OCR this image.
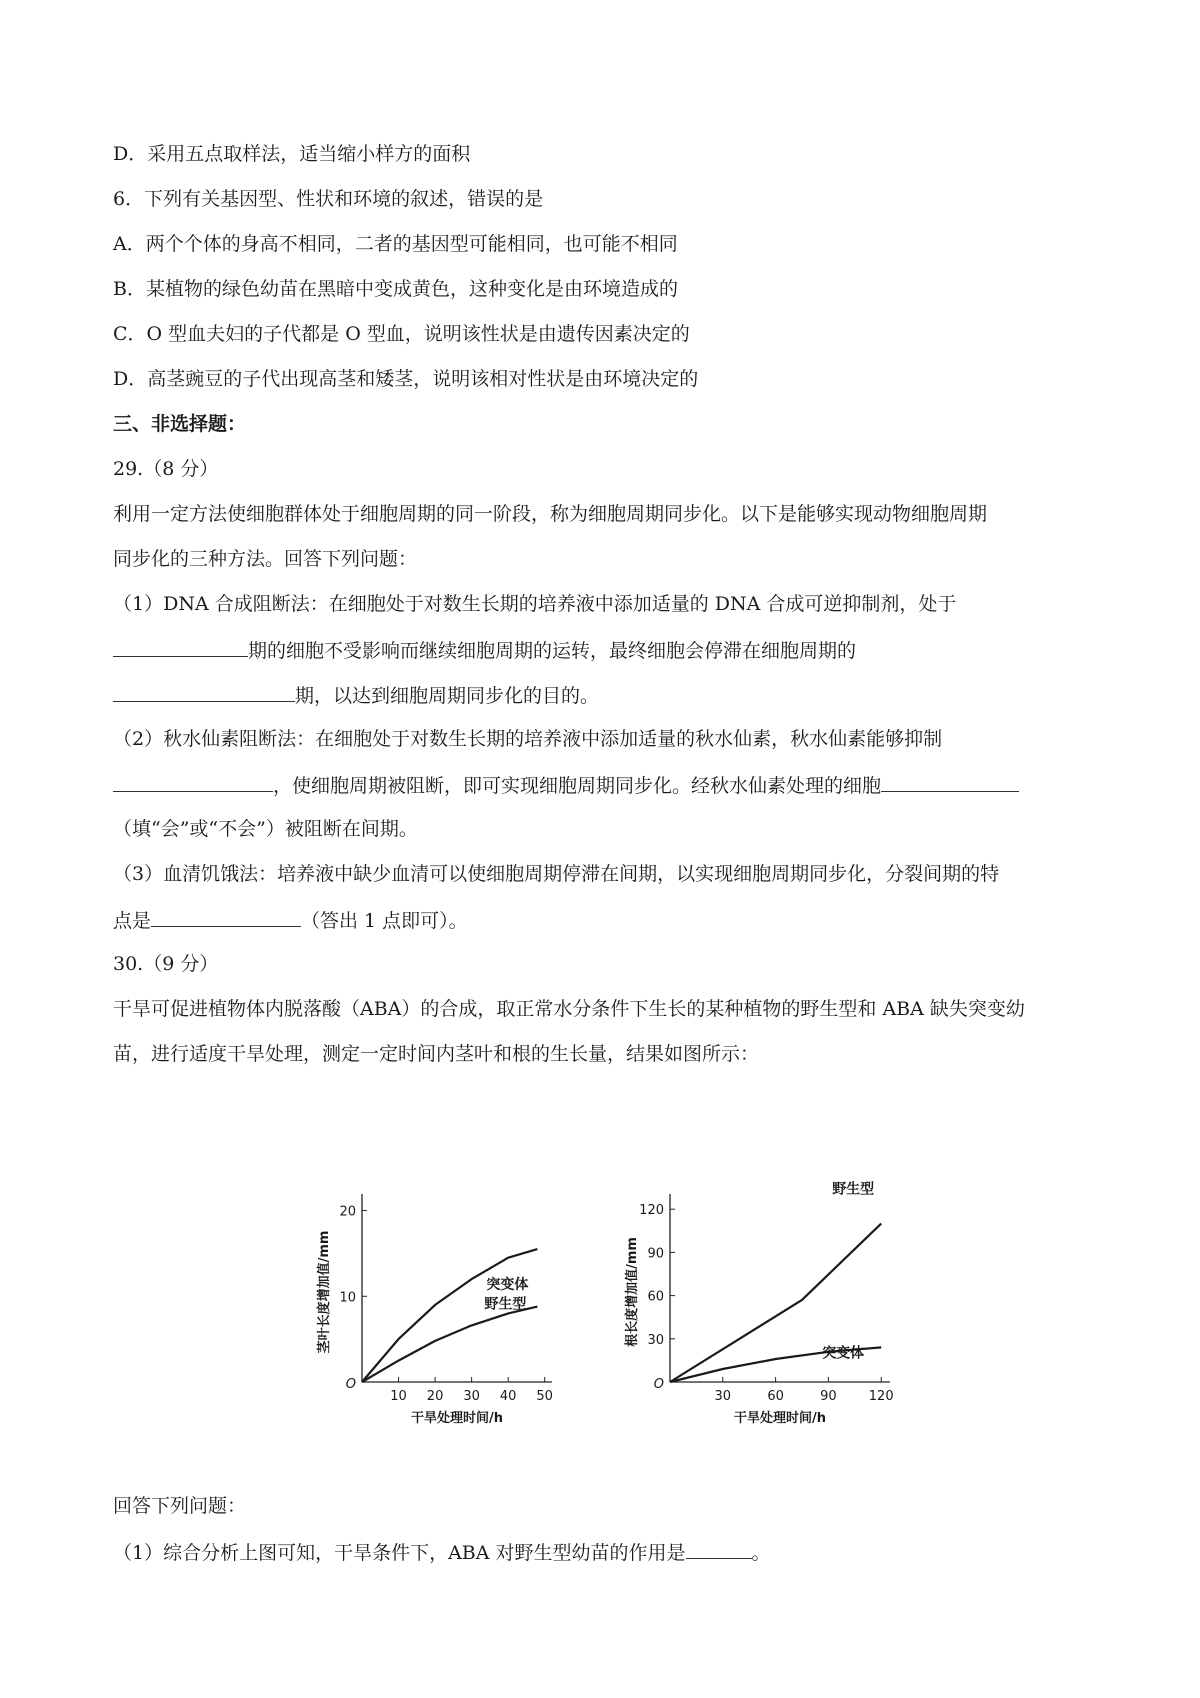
D．采用五点取样法，适当缩小样方的面积
6．下列有关基因型、性状和环境的叙述，错误的是
A．两个个体的身高不相同，二者的基因型可能相同，也可能不相同
B．某植物的绿色幼苗在黑暗中变成黄色，这种变化是由环境造成的
C．O 型血夫妇的子代都是 O 型血，说明该性状是由遗传因素决定的
D．高茎豌豆的子代出现高茎和矮茎，说明该相对性状是由环境决定的
三、非选择题：
29.（8 分）
利用一定方法使细胞群体处于细胞周期的同一阶段，称为细胞周期同步化。以下是能够实现动物细胞周期
同步化的三种方法。回答下列问题：
（1）DNA 合成阻断法：在细胞处于对数生长期的培养液中添加适量的 DNA 合成可逆抑制剂，处于
期的细胞不受影响而继续细胞周期的运转，最终细胞会停滞在细胞周期的
期，以达到细胞周期同步化的目的。
（2）秋水仙素阻断法：在细胞处于对数生长期的培养液中添加适量的秋水仙素，秋水仙素能够抑制
，使细胞周期被阻断，即可实现细胞周期同步化。经秋水仙素处理的细胞
（填“会”或“不会”）被阻断在间期。
（3）血清饥饿法：培养液中缺少血清可以使细胞周期停滞在间期，以实现细胞周期同步化，分裂间期的特
点是	（答出 1 点即可）。
30.（9 分）
干旱可促进植物体内脱落酸（ABA）的合成，取正常水分条件下生长的某种植物的野生型和 ABA 缺失突变幼
苗，进行适度干旱处理，测定一定时间内茎叶和根的生长量，结果如图所示：
10 20 30 40 50
10
20
O
干旱处理时间/h
茎叶长度增加值/mm	突变体
野生型
30	60	90 120
30
60
90
120
O
干旱处理时间/h
根长度增加值/mm
野生型
突变体
回答下列问题：
（1）综合分析上图可知，干旱条件下，ABA 对野生型幼苗的作用是	。
